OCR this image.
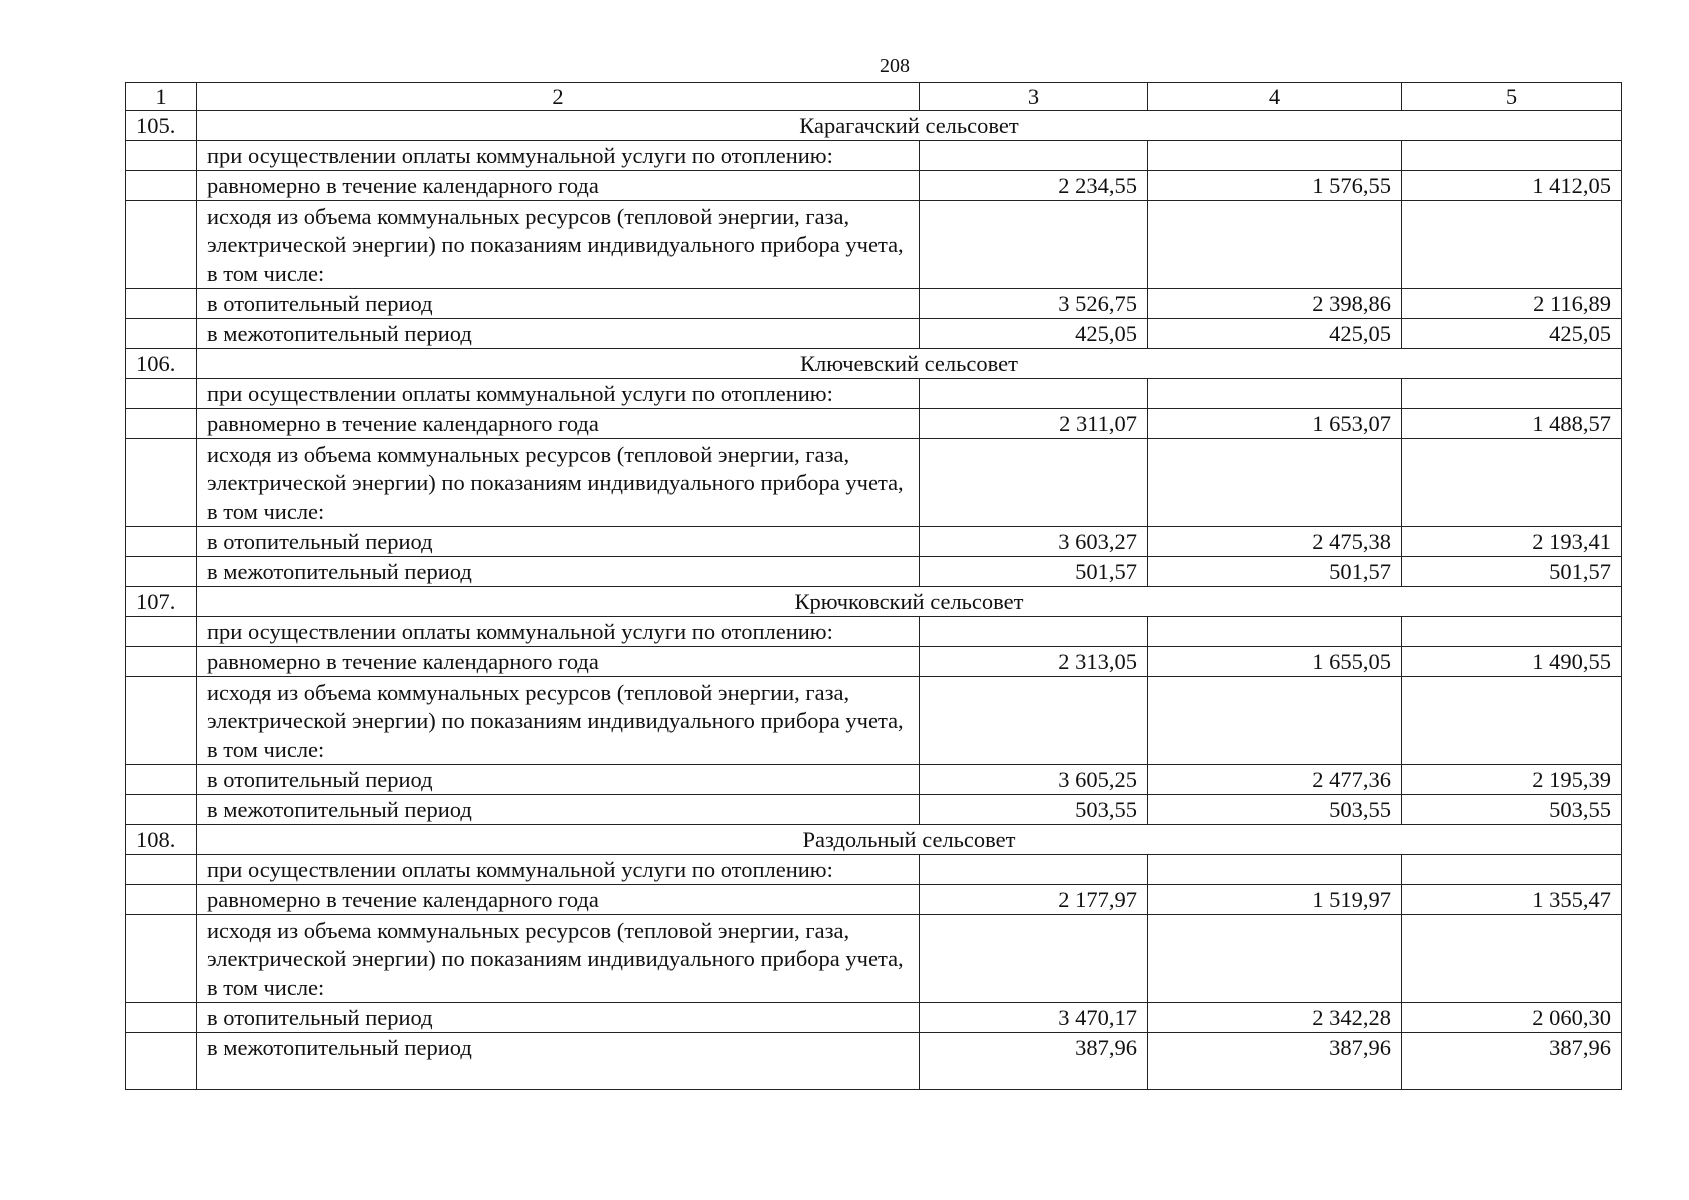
208
1	2	3	4	5
105.	Карагачский сельсовет			
	при осуществлении оплаты коммунальной услуги по отоплению:			
	равномерно в течение календарного года	2 234,55	1 576,55	1 412,05
	исходя из объема коммунальных ресурсов (тепловой энергии, газа, электрической энергии) по показаниям индивидуального прибора учета, в том числе:			
	в отопительный период	3 526,75	2 398,86	2 116,89
	в межотопительный период	425,05	425,05	425,05
106.	Ключевский сельсовет			
	при осуществлении оплаты коммунальной услуги по отоплению:			
	равномерно в течение календарного года	2 311,07	1 653,07	1 488,57
	исходя из объема коммунальных ресурсов (тепловой энергии, газа, электрической энергии) по показаниям индивидуального прибора учета, в том числе:			
	в отопительный период	3 603,27	2 475,38	2 193,41
	в межотопительный период	501,57	501,57	501,57
107.	Крючковский сельсовет			
	при осуществлении оплаты коммунальной услуги по отоплению:			
	равномерно в течение календарного года	2 313,05	1 655,05	1 490,55
	исходя из объема коммунальных ресурсов (тепловой энергии, газа, электрической энергии) по показаниям индивидуального прибора учета, в том числе:			
	в отопительный период	3 605,25	2 477,36	2 195,39
	в межотопительный период	503,55	503,55	503,55
108.	Раздольный сельсовет			
	при осуществлении оплаты коммунальной услуги по отоплению:			
	равномерно в течение календарного года	2 177,97	1 519,97	1 355,47
	исходя из объема коммунальных ресурсов (тепловой энергии, газа, электрической энергии) по показаниям индивидуального прибора учета, в том числе:			
	в отопительный период	3 470,17	2 342,28	2 060,30
	в межотопительный период	387,96	387,96	387,96
